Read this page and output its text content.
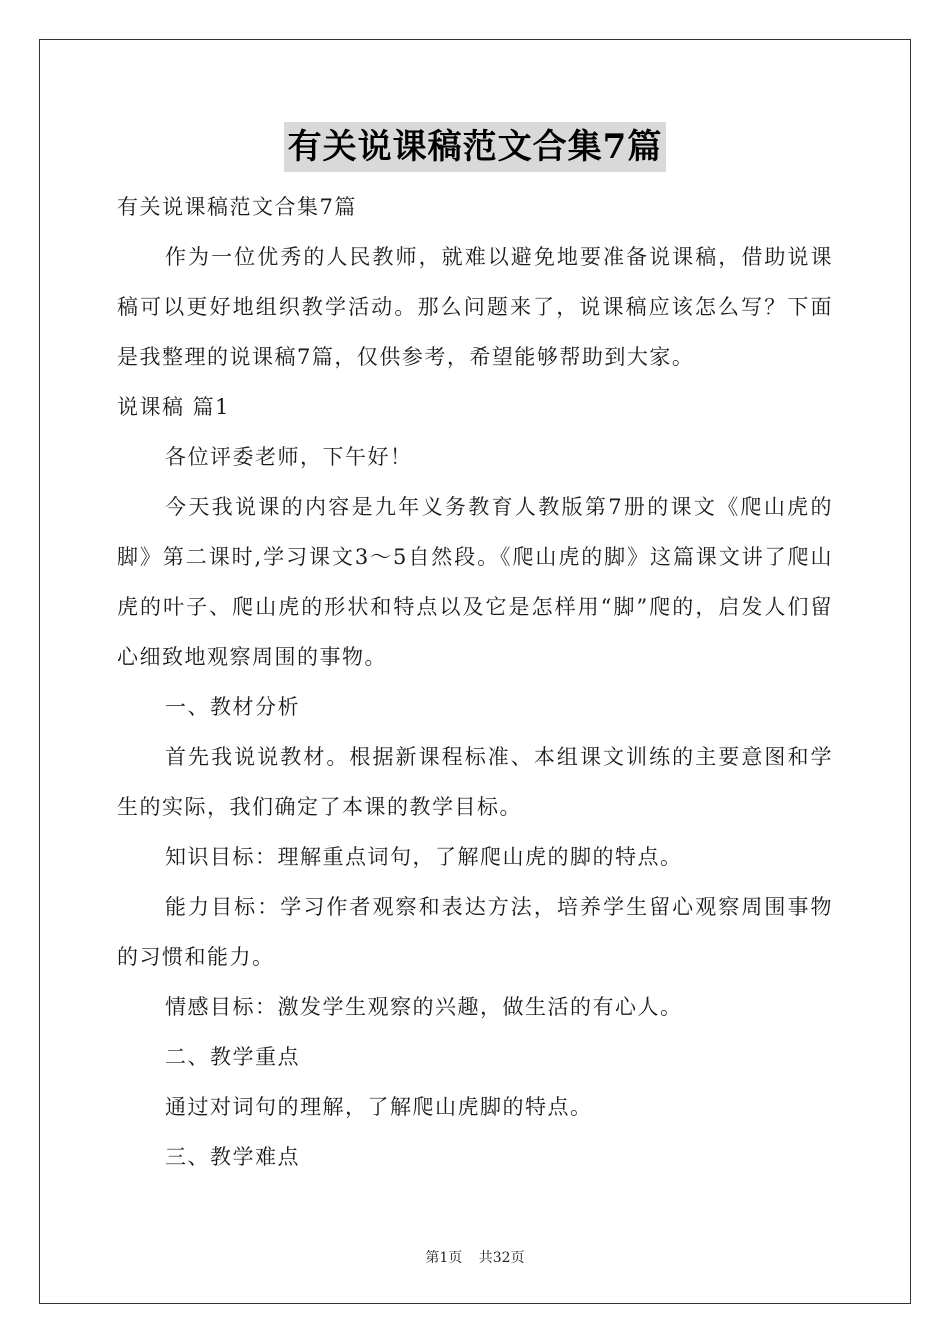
有关说课稿范文合集7篇

有关说课稿范文合集7篇

作为一位优秀的人民教师，就难以避免地要准备说课稿，借助说课稿可以更好地组织教学活动。那么问题来了，说课稿应该怎么写？下面是我整理的说课稿7篇，仅供参考，希望能够帮助到大家。

说课稿 篇1

各位评委老师，下午好！

今天我说课的内容是九年义务教育人教版第7册的课文《爬山虎的脚》第二课时,学习课文3～5自然段。《爬山虎的脚》这篇课文讲了爬山虎的叶子、爬山虎的形状和特点以及它是怎样用“脚”爬的，启发人们留心细致地观察周围的事物。

一、教材分析

首先我说说教材。根据新课程标准、本组课文训练的主要意图和学生的实际，我们确定了本课的教学目标。

知识目标：理解重点词句，了解爬山虎的脚的特点。

能力目标：学习作者观察和表达方法，培养学生留心观察周围事物的习惯和能力。

情感目标：激发学生观察的兴趣，做生活的有心人。

二、教学重点

通过对词句的理解，了解爬山虎脚的特点。

三、教学难点

第1页 共32页
